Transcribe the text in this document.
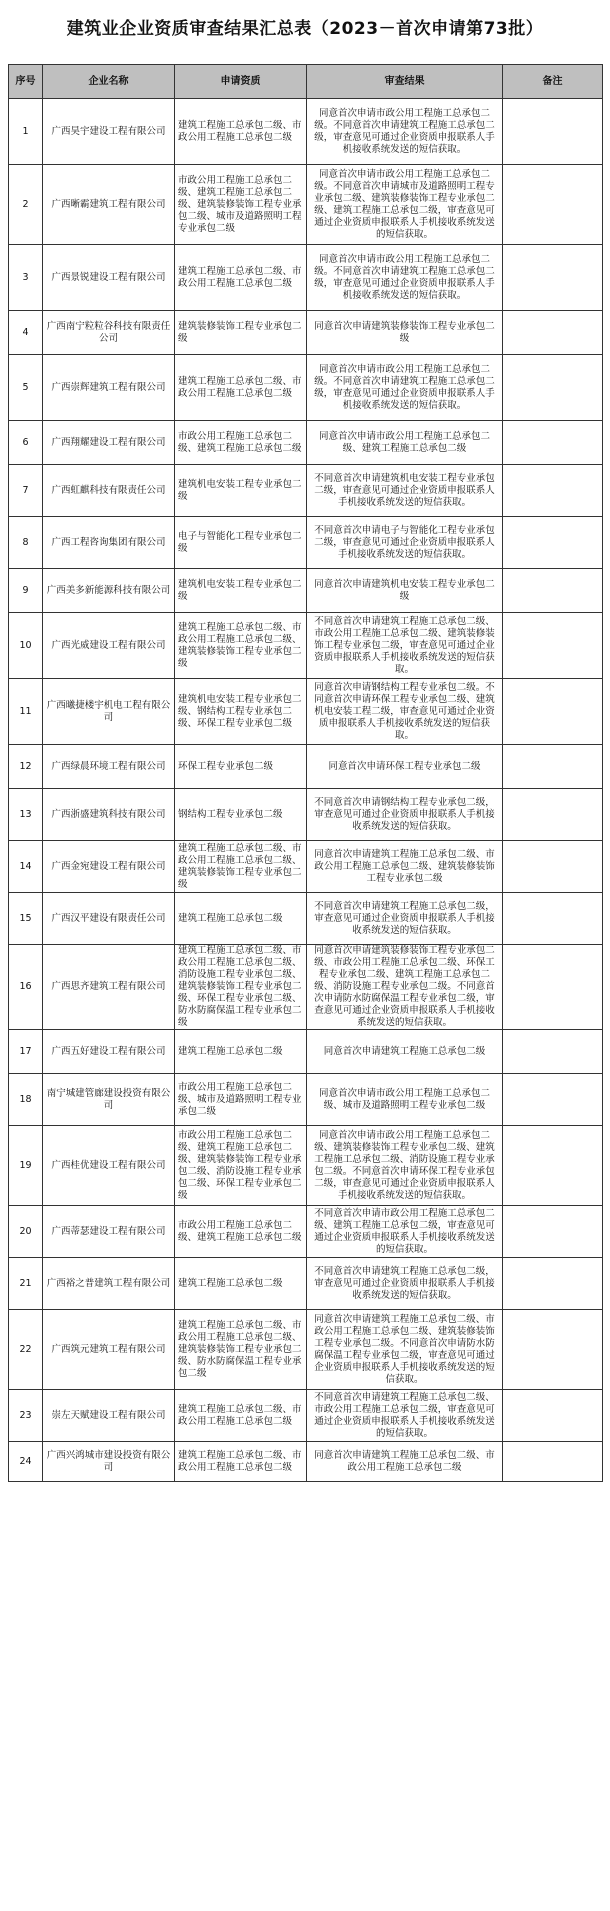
建筑业企业资质审查结果汇总表（2023－首次申请第73批）
序号	企业名称	申请资质	审查结果	备注
1	广西昊宇建设工程有限公司	建筑工程施工总承包二级、市政公用工程施工总承包二级	同意首次申请市政公用工程施工总承包二级。不同意首次申请建筑工程施工总承包二级，审查意见可通过企业资质申报联系人手机接收系统发送的短信获取。	
2	广西晰霸建筑工程有限公司	市政公用工程施工总承包二级、建筑工程施工总承包二级、建筑装修装饰工程专业承包二级、城市及道路照明工程专业承包二级	同意首次申请市政公用工程施工总承包二级。不同意首次申请城市及道路照明工程专业承包二级、建筑装修装饰工程专业承包二级、建筑工程施工总承包二级，审查意见可通过企业资质申报联系人手机接收系统发送的短信获取。	
3	广西景锐建设工程有限公司	建筑工程施工总承包二级、市政公用工程施工总承包二级	同意首次申请市政公用工程施工总承包二级。不同意首次申请建筑工程施工总承包二级，审查意见可通过企业资质申报联系人手机接收系统发送的短信获取。	
4	广西南宁粒粒谷科技有限责任公司	建筑装修装饰工程专业承包二级	同意首次申请建筑装修装饰工程专业承包二级	
5	广西崇辉建筑工程有限公司	建筑工程施工总承包二级、市政公用工程施工总承包二级	同意首次申请市政公用工程施工总承包二级。不同意首次申请建筑工程施工总承包二级，审查意见可通过企业资质申报联系人手机接收系统发送的短信获取。	
6	广西翔耀建设工程有限公司	市政公用工程施工总承包二级、建筑工程施工总承包二级	同意首次申请市政公用工程施工总承包二级、建筑工程施工总承包二级	
7	广西虹麒科技有限责任公司	建筑机电安装工程专业承包二级	不同意首次申请建筑机电安装工程专业承包二级，审查意见可通过企业资质申报联系人手机接收系统发送的短信获取。	
8	广西工程咨询集团有限公司	电子与智能化工程专业承包二级	不同意首次申请电子与智能化工程专业承包二级，审查意见可通过企业资质申报联系人手机接收系统发送的短信获取。	
9	广西美多新能源科技有限公司	建筑机电安装工程专业承包二级	同意首次申请建筑机电安装工程专业承包二级	
10	广西光威建设工程有限公司	建筑工程施工总承包二级、市政公用工程施工总承包二级、建筑装修装饰工程专业承包二级	不同意首次申请建筑工程施工总承包二级、市政公用工程施工总承包二级、建筑装修装饰工程专业承包二级，审查意见可通过企业资质申报联系人手机接收系统发送的短信获取。	
11	广西曦捷楼宇机电工程有限公司	建筑机电安装工程专业承包二级、钢结构工程专业承包二级、环保工程专业承包二级	同意首次申请钢结构工程专业承包二级。不同意首次申请环保工程专业承包二级、建筑机电安装工程二级，审查意见可通过企业资质申报联系人手机接收系统发送的短信获取。	
12	广西绿晨环境工程有限公司	环保工程专业承包二级	同意首次申请环保工程专业承包二级	
13	广西浙盛建筑科技有限公司	钢结构工程专业承包二级	不同意首次申请钢结构工程专业承包二级，审查意见可通过企业资质申报联系人手机接收系统发送的短信获取。	
14	广西金宛建设工程有限公司	建筑工程施工总承包二级、市政公用工程施工总承包二级、建筑装修装饰工程专业承包二级	同意首次申请建筑工程施工总承包二级、市政公用工程施工总承包二级、建筑装修装饰工程专业承包二级	
15	广西汉平建设有限责任公司	建筑工程施工总承包二级	不同意首次申请建筑工程施工总承包二级，审查意见可通过企业资质申报联系人手机接收系统发送的短信获取。	
16	广西思齐建筑工程有限公司	建筑工程施工总承包二级、市政公用工程施工总承包二级、消防设施工程专业承包二级、建筑装修装饰工程专业承包二级、环保工程专业承包二级、防水防腐保温工程专业承包二级	同意首次申请建筑装修装饰工程专业承包二级、市政公用工程施工总承包二级、环保工程专业承包二级、建筑工程施工总承包二级、消防设施工程专业承包二级。不同意首次申请防水防腐保温工程专业承包二级，审查意见可通过企业资质申报联系人手机接收系统发送的短信获取。	
17	广西五好建设工程有限公司	建筑工程施工总承包二级	同意首次申请建筑工程施工总承包二级	
18	南宁城建管廊建设投资有限公司	市政公用工程施工总承包二级、城市及道路照明工程专业承包二级	同意首次申请市政公用工程施工总承包二级、城市及道路照明工程专业承包二级	
19	广西桂优建设工程有限公司	市政公用工程施工总承包二级、建筑工程施工总承包二级、建筑装修装饰工程专业承包二级、消防设施工程专业承包二级、环保工程专业承包二级	同意首次申请市政公用工程施工总承包二级、建筑装修装饰工程专业承包二级、建筑工程施工总承包二级、消防设施工程专业承包二级。不同意首次申请环保工程专业承包二级，审查意见可通过企业资质申报联系人手机接收系统发送的短信获取。	
20	广西蒂瑟建设工程有限公司	市政公用工程施工总承包二级、建筑工程施工总承包二级	不同意首次申请市政公用工程施工总承包二级、建筑工程施工总承包二级，审查意见可通过企业资质申报联系人手机接收系统发送的短信获取。	
21	广西裕之普建筑工程有限公司	建筑工程施工总承包二级	不同意首次申请建筑工程施工总承包二级，审查意见可通过企业资质申报联系人手机接收系统发送的短信获取。	
22	广西筑元建筑工程有限公司	建筑工程施工总承包二级、市政公用工程施工总承包二级、建筑装修装饰工程专业承包二级、防水防腐保温工程专业承包二级	同意首次申请建筑工程施工总承包二级、市政公用工程施工总承包二级、建筑装修装饰工程专业承包二级。不同意首次申请防水防腐保温工程专业承包二级，审查意见可通过企业资质申报联系人手机接收系统发送的短信获取。	
23	崇左天赋建设工程有限公司	建筑工程施工总承包二级、市政公用工程施工总承包二级	不同意首次申请建筑工程施工总承包二级、市政公用工程施工总承包二级，审查意见可通过企业资质申报联系人手机接收系统发送的短信获取。	
24	广西兴鸿城市建设投资有限公司	建筑工程施工总承包二级、市政公用工程施工总承包二级	同意首次申请建筑工程施工总承包二级、市政公用工程施工总承包二级	
